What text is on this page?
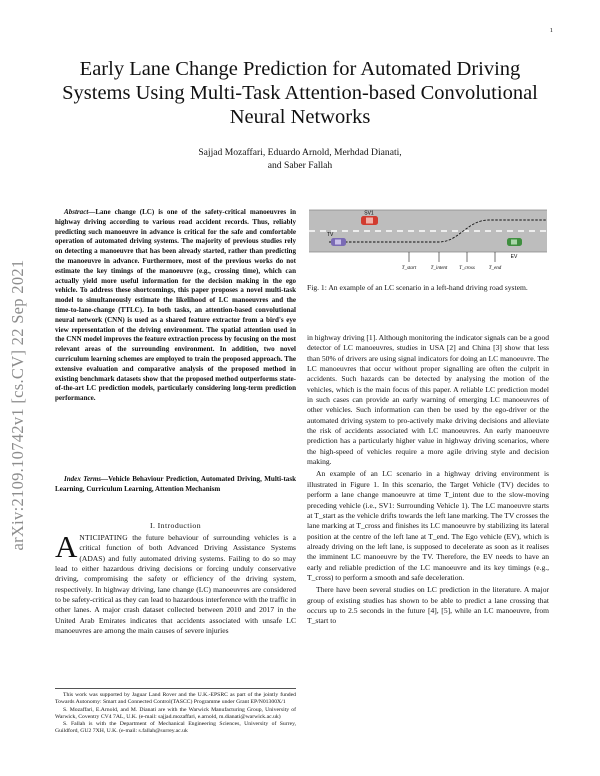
1
arXiv:2109.10742v1 [cs.CV] 22 Sep 2021
Early Lane Change Prediction for Automated Driving Systems Using Multi-Task Attention-based Convolutional Neural Networks
Sajjad Mozaffari, Eduardo Arnold, Merhdad Dianati,
and Saber Fallah
Abstract—Lane change (LC) is one of the safety-critical manoeuvres in highway driving according to various road accident records. Thus, reliably predicting such manoeuvre in advance is critical for the safe and comfortable operation of automated driving systems. The majority of previous studies rely on detecting a manoeuvre that has been already started, rather than predicting the manoeuvre in advance. Furthermore, most of the previous works do not estimate the key timings of the manoeuvre (e.g., crossing time), which can actually yield more useful information for the decision making in the ego vehicle. To address these shortcomings, this paper proposes a novel multi-task model to simultaneously estimate the likelihood of LC manoeuvres and the time-to-lane-change (TTLC). In both tasks, an attention-based convolutional neural network (CNN) is used as a shared feature extractor from a bird's eye view representation of the driving environment. The spatial attention used in the CNN model improves the feature extraction process by focusing on the most relevant areas of the surrounding environment. In addition, two novel curriculum learning schemes are employed to train the proposed approach. The extensive evaluation and comparative analysis of the proposed method in existing benchmark datasets show that the proposed method outperforms state-of-the-art LC prediction models, particularly considering long-term prediction performance.
Index Terms—Vehicle Behaviour Prediction, Automated Driving, Multi-task Learning, Curriculum Learning, Attention Mechanism
I. Introduction
ANTICIPATING the future behaviour of surrounding vehicles is a critical function of both Advanced Driving Assistance Systems (ADAS) and fully automated driving systems. Failing to do so may lead to either hazardous driving decisions or forcing unduly conservative driving, compromising the safety or efficiency of the driving system, respectively. In highway driving, lane change (LC) manoeuvres are considered to be safety-critical as they can lead to hazardous interference with the traffic in other lanes. A major crash dataset collected between 2010 and 2017 in the United Arab Emirates indicates that accidents associated with unsafe LC manoeuvres are among the main causes of severe injuries

This work was supported by Jaguar Land Rover and the U.K.-EPSRC as part of the jointly funded Towards Autonomy: Smart and Connected Control(TASCC) Programme under Grant EP/N01300X/1

S. Mozaffari, E.Arnold, and M. Dianati are with the Warwick Manufacturing Group, University of Warwick, Coventry CV4 7AL, U.K. (e-mail: sajjad.mozaffari, e.arnold, m.dianati@warwick.ac.uk)

S. Fallah is with the Department of Mechanical Engineering Sciences, University of Surrey, Guildford, GU2 7XH, U.K. (e-mail: s.fallah@surrey.ac.uk

T_start	T_intent T_cross	T_end
TV
SV1
EV
Fig. 1: An example of an LC scenario in a left-hand driving road system.

in highway driving [1]. Although monitoring the indicator signals can be a good detector of LC manoeuvres, studies in USA [2] and China [3] show that less than 50% of drivers are using signal indicators for doing an LC manoeuvre. The LC manoeuvres that occur without proper signalling are often the culprit in accidents. Such hazards can be detected by analysing the motion of the vehicles, which is the main focus of this paper. A reliable LC prediction model in such cases can provide an early warning of emerging LC manoeuvres of other vehicles. Such information can then be used by the ego-driver or the automated driving system to pro-actively make driving decisions and alleviate the risk of accidents associated with LC manoeuvres. An early manoeuvre prediction has a particularly higher value in highway driving scenarios, where the high-speed of vehicles require a more agile driving style and decision making.

An example of an LC scenario in a highway driving environment is illustrated in Figure 1. In this scenario, the Target Vehicle (TV) decides to perform a lane change manoeuvre at time T_intent due to the slow-moving preceding vehicle (i.e., SV1: Surrounding Vehicle 1). The LC manoeuvre starts at T_start as the vehicle drifts towards the left lane marking. The TV crosses the lane marking at T_cross and finishes its LC manoeuvre by stabilizing its lateral position at the centre of the left lane at T_end. The Ego vehicle (EV), which is already driving on the left lane, is supposed to decelerate as soon as it realises the imminent LC manoeuvre by the TV. Therefore, the EV needs to have an early and reliable prediction of the LC manoeuvre and its key timings (e.g., T_cross) to perform a smooth and safe deceleration.

There have been several studies on LC prediction in the literature. A major group of existing studies has shown to be able to predict a lane crossing that occurs up to 2.5 seconds in the future [4], [5], while an LC manoeuvre, from T_start to
